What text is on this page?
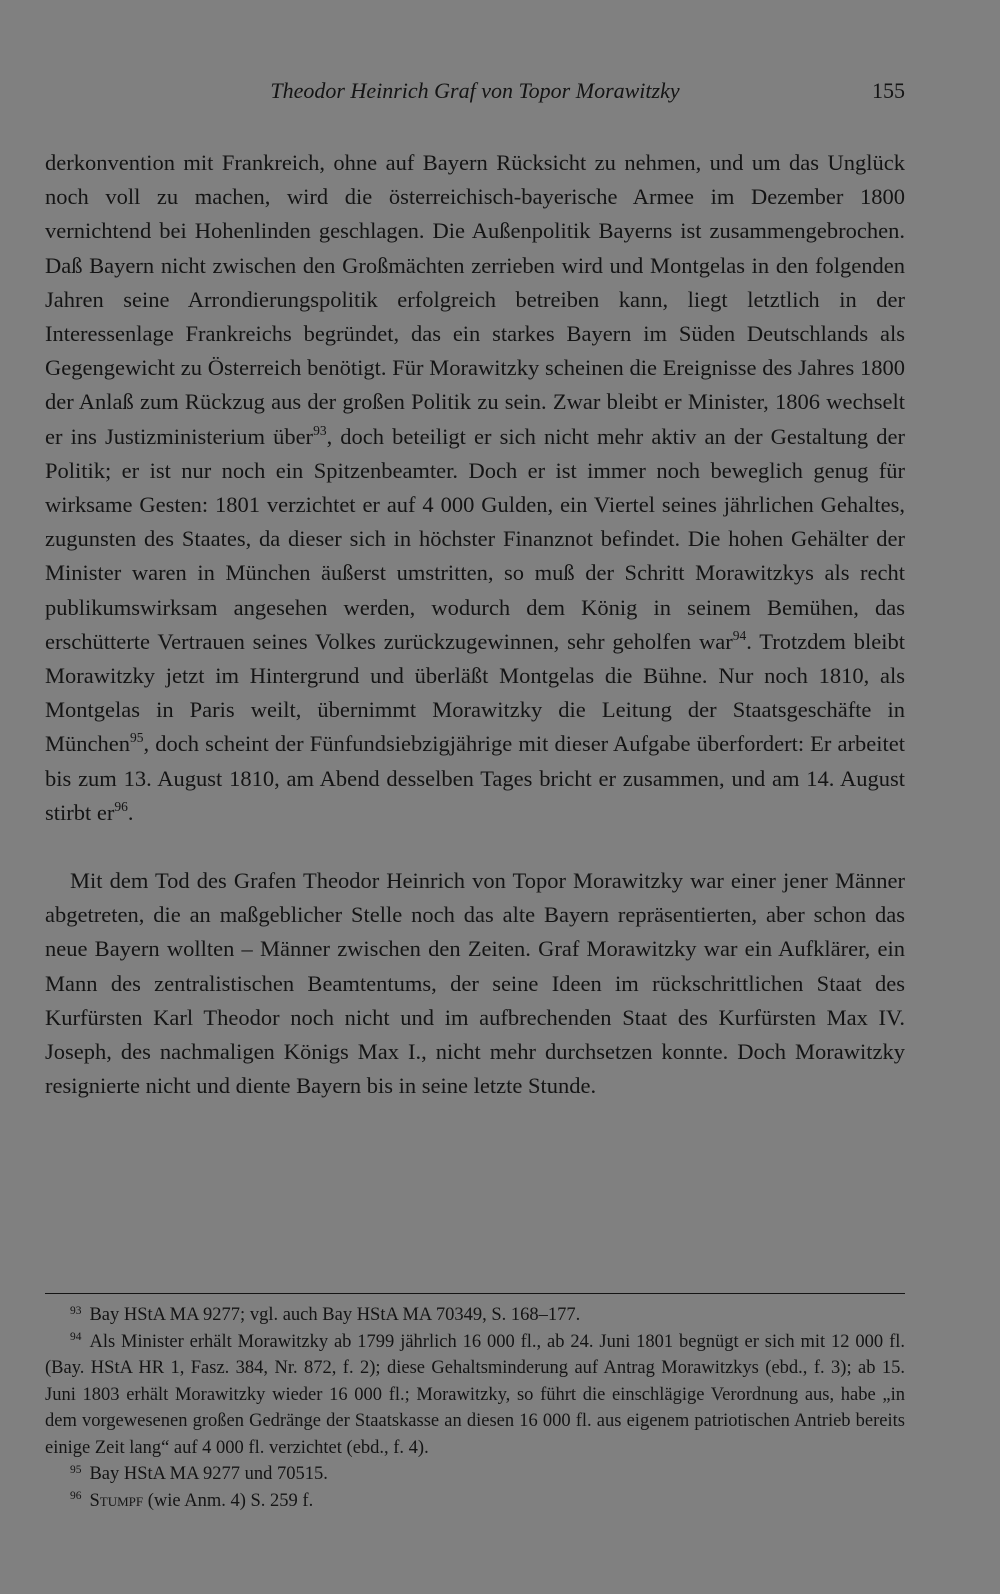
Theodor Heinrich Graf von Topor Morawitzky	155

derkonvention mit Frankreich, ohne auf Bayern Rücksicht zu nehmen, und um das Unglück noch voll zu machen, wird die österreichisch-bayerische Armee im Dezember 1800 vernichtend bei Hohenlinden geschlagen. Die Außenpolitik Bayerns ist zusammengebrochen. Daß Bayern nicht zwischen den Großmächten zerrieben wird und Montgelas in den folgenden Jahren seine Arrondierungspolitik erfolgreich betreiben kann, liegt letztlich in der Interessenlage Frankreichs begründet, das ein starkes Bayern im Süden Deutschlands als Gegengewicht zu Österreich benötigt. Für Morawitzky scheinen die Ereignisse des Jahres 1800 der Anlaß zum Rückzug aus der großen Politik zu sein. Zwar bleibt er Minister, 1806 wechselt er ins Justizministerium über$^{93}$, doch beteiligt er sich nicht mehr aktiv an der Gestaltung der Politik; er ist nur noch ein Spitzenbeamter. Doch er ist immer noch beweglich genug für wirksame Gesten: 1801 verzichtet er auf 4 000 Gulden, ein Viertel seines jährlichen Gehaltes, zugunsten des Staates, da dieser sich in höchster Finanznot befindet. Die hohen Gehälter der Minister waren in München äußerst umstritten, so muß der Schritt Morawitzkys als recht publikumswirksam angesehen werden, wodurch dem König in seinem Bemühen, das erschütterte Vertrauen seines Volkes zurückzugewinnen, sehr geholfen war$^{94}$. Trotzdem bleibt Morawitzky jetzt im Hintergrund und überläßt Montgelas die Bühne. Nur noch 1810, als Montgelas in Paris weilt, übernimmt Morawitzky die Leitung der Staatsgeschäfte in München$^{95}$, doch scheint der Fünfundsiebzigjährige mit dieser Aufgabe überfordert: Er arbeitet bis zum 13. August 1810, am Abend desselben Tages bricht er zusammen, und am 14. August stirbt $er^{96}$.

Mit dem Tod des Grafen Theodor Heinrich von Topor Morawitzky war einer jener Männer abgetreten, die an maßgeblicher Stelle noch das alte Bayern repräsentierten, aber schon das neue Bayern wollten – Männer zwischen den Zeiten. Graf Morawitzky war ein Aufklärer, ein Mann des zentralistischen Beamtentums, der seine Ideen im rückschrittlichen Staat des Kurfürsten Karl Theodor noch nicht und im aufbrechenden Staat des Kurfürsten Max IV. Joseph, des nachmaligen Königs Max I., nicht mehr durchsetzen konnte. Doch Morawitzky resignierte nicht und diente Bayern bis in seine letzte Stunde.

$^{93}$ Bay HStA MA 9277; vgl. auch Bay HStA MA 70349, S. 168–177.

$^{94}$ Als Minister erhält Morawitzky ab 1799 jährlich 16 000 fl., ab 24. Juni 1801 begnügt er sich mit 12 000 fl. (Bay. HStA HR 1, Fasz. 384, Nr. 872, f. 2); diese Gehaltsminderung auf Antrag Morawitzkys (ebd., f. 3); ab 15. Juni 1803 erhält Morawitzky wieder 16 000 fl.; Morawitzky, so führt die einschlägige Verordnung aus, habe „in dem vorgewesenen großen Gedränge der Staatskasse an diesen 16 000 fl. aus eigenem patriotischen Antrieb bereits einige Zeit lang“ auf 4 000 fl. verzichtet (ebd., f. 4).

$^{95}$ Bay HStA MA 9277 und 70515.

$^{96}$ Stumpf (wie Anm. 4) S. 259 f.
